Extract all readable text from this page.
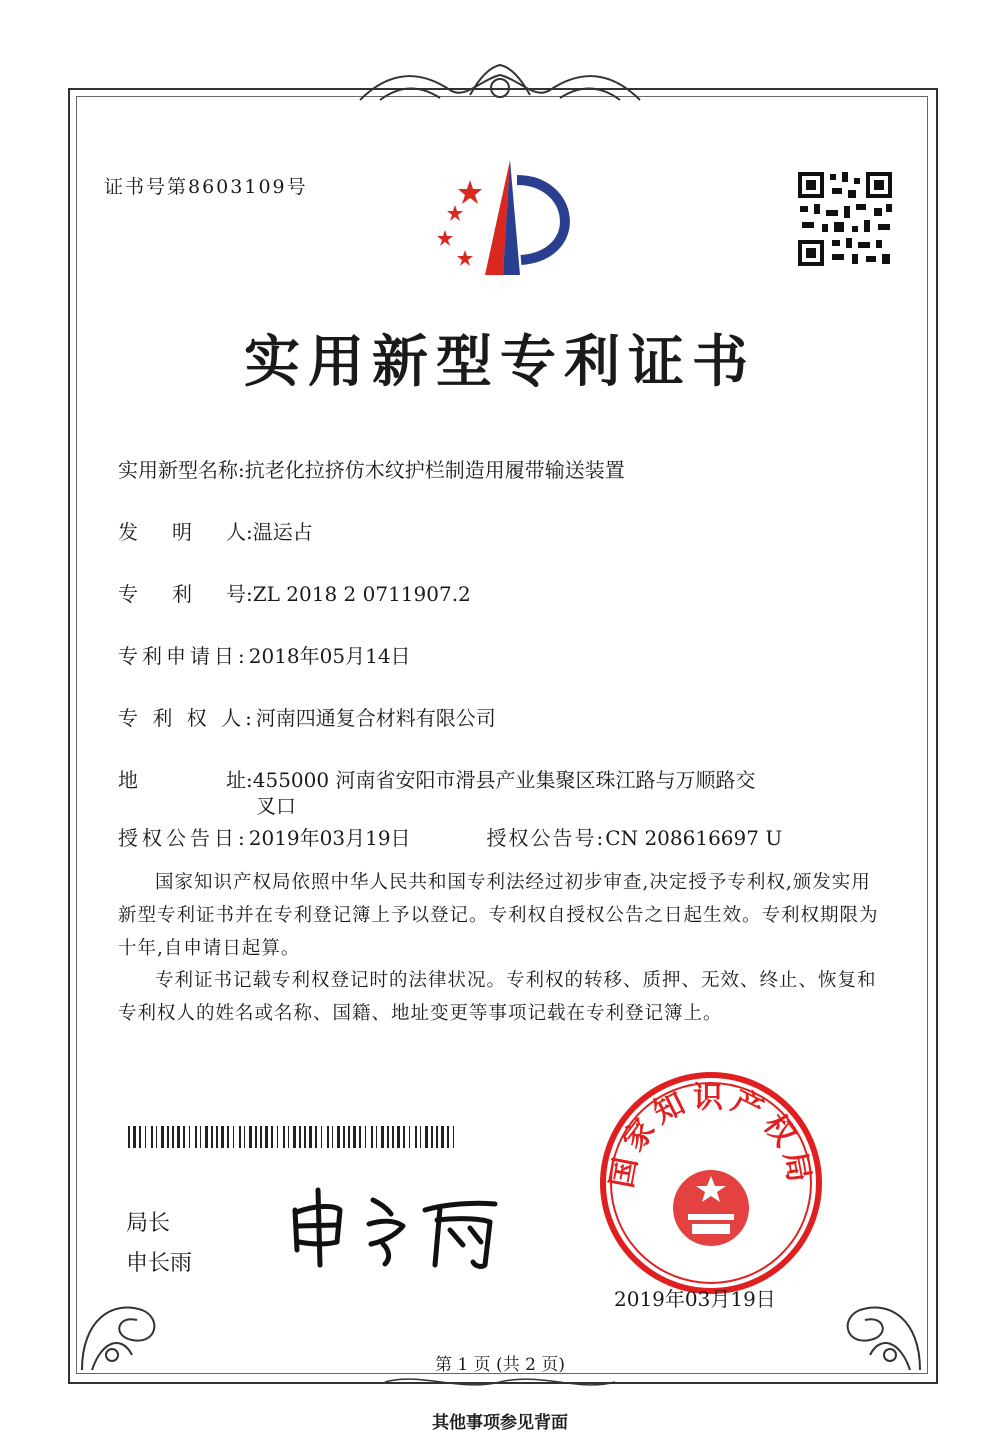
证书号第8603109号
实用新型专利证书
实用新型名称:抗老化拉挤仿木纹护栏制造用履带输送装置
发 明 人:温运占
专 利 号:ZL 2018 2 0711907.2
专利申请日:2018年05月14日
专 利 权 人:河南四通复合材料有限公司
地	址:455000 河南省安阳市滑县产业集聚区珠江路与万顺路交
叉口
授权公告日:2019年03月19日	授权公告号:CN 208616697 U
国家知识产权局依照中华人民共和国专利法经过初步审查,决定授予专利权,颁发实用新型专利证书并在专利登记簿上予以登记。专利权自授权公告之日起生效。专利权期限为十年,自申请日起算。
专利证书记载专利权登记时的法律状况。专利权的转移、质押、无效、终止、恢复和专利权人的姓名或名称、国籍、地址变更等事项记载在专利登记簿上。
局长
申长雨
国家知识产权局
2019年03月19日
第 1 页 (共 2 页)
其他事项参见背面
